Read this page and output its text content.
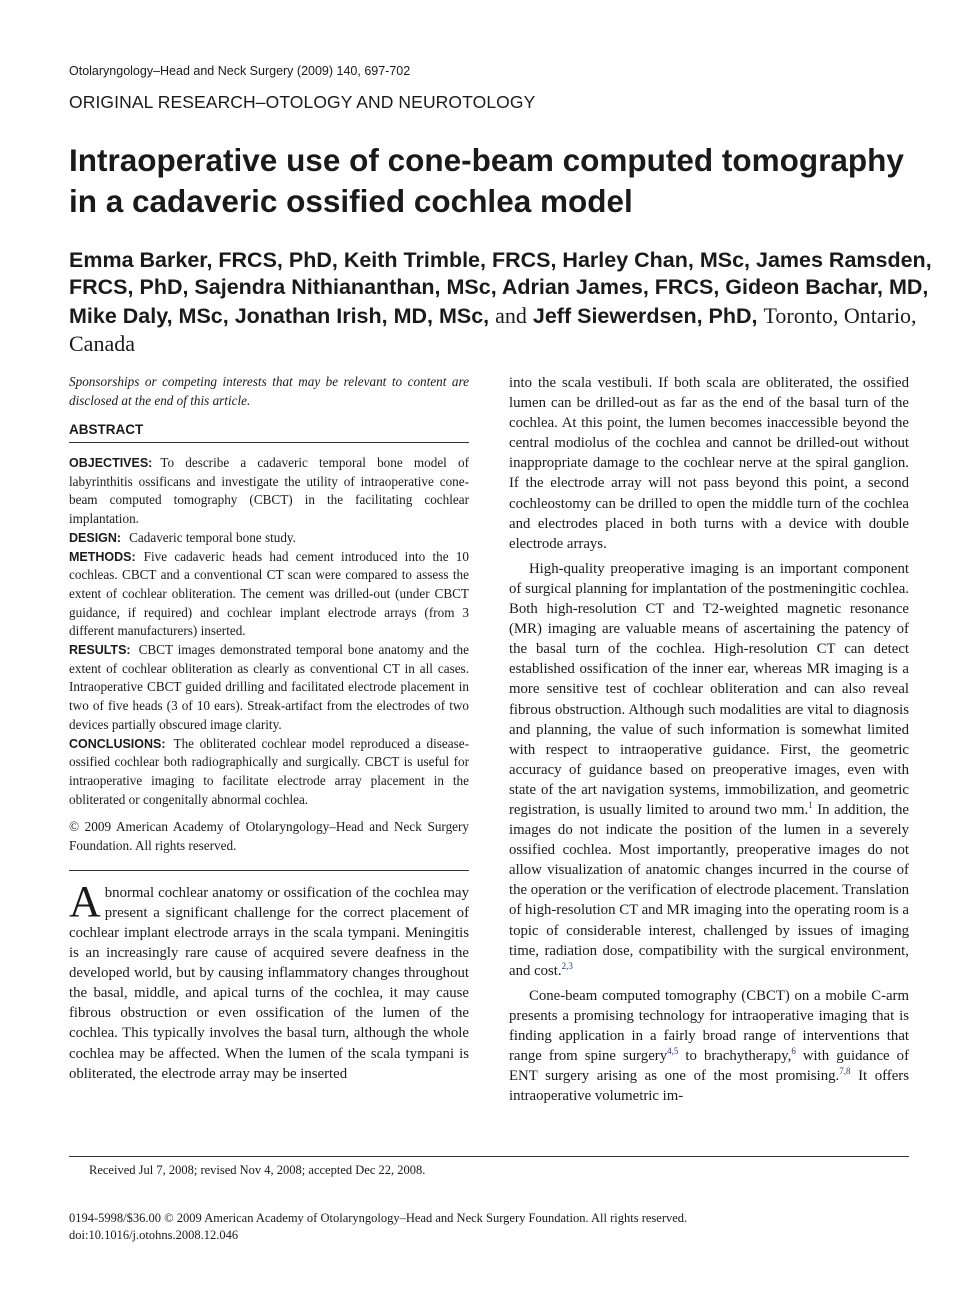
Otolaryngology–Head and Neck Surgery (2009) 140, 697-702
ORIGINAL RESEARCH–OTOLOGY AND NEUROTOLOGY
Intraoperative use of cone-beam computed tomography in a cadaveric ossified cochlea model
Emma Barker, FRCS, PhD, Keith Trimble, FRCS, Harley Chan, MSc, James Ramsden, FRCS, PhD, Sajendra Nithiananthan, MSc, Adrian James, FRCS, Gideon Bachar, MD, Mike Daly, MSc, Jonathan Irish, MD, MSc, and Jeff Siewerdsen, PhD, Toronto, Ontario, Canada

Sponsorships or competing interests that may be relevant to content are disclosed at the end of this article.

ABSTRACT

OBJECTIVES: To describe a cadaveric temporal bone model of labyrinthitis ossificans and investigate the utility of intraoperative cone-beam computed tomography (CBCT) in the facilitating cochlear implantation.

DESIGN: Cadaveric temporal bone study.

METHODS: Five cadaveric heads had cement introduced into the 10 cochleas. CBCT and a conventional CT scan were compared to assess the extent of cochlear obliteration. The cement was drilled-out (under CBCT guidance, if required) and cochlear implant electrode arrays (from 3 different manufacturers) inserted.

RESULTS: CBCT images demonstrated temporal bone anatomy and the extent of cochlear obliteration as clearly as conventional CT in all cases. Intraoperative CBCT guided drilling and facilitated electrode placement in two of five heads (3 of 10 ears). Streak-artifact from the electrodes of two devices partially obscured image clarity.

CONCLUSIONS: The obliterated cochlear model reproduced a disease-ossified cochlear both radiographically and surgically. CBCT is useful for intraoperative imaging to facilitate electrode array placement in the obliterated or congenitally abnormal cochlea.

© 2009 American Academy of Otolaryngology–Head and Neck Surgery Foundation. All rights reserved.

Abnormal cochlear anatomy or ossification of the cochlea may present a significant challenge for the correct placement of cochlear implant electrode arrays in the scala tympani. Meningitis is an increasingly rare cause of acquired severe deafness in the developed world, but by causing inflammatory changes throughout the basal, middle, and apical turns of the cochlea, it may cause fibrous obstruction or even ossification of the lumen of the cochlea. This typically involves the basal turn, although the whole cochlea may be affected. When the lumen of the scala tympani is obliterated, the electrode array may be inserted

into the scala vestibuli. If both scala are obliterated, the ossified lumen can be drilled-out as far as the end of the basal turn of the cochlea. At this point, the lumen becomes inaccessible beyond the central modiolus of the cochlea and cannot be drilled-out without inappropriate damage to the cochlear nerve at the spiral ganglion. If the electrode array will not pass beyond this point, a second cochleostomy can be drilled to open the middle turn of the cochlea and electrodes placed in both turns with a device with double electrode arrays.

High-quality preoperative imaging is an important component of surgical planning for implantation of the postmeningitic cochlea. Both high-resolution CT and T2-weighted magnetic resonance (MR) imaging are valuable means of ascertaining the patency of the basal turn of the cochlea. High-resolution CT can detect established ossification of the inner ear, whereas MR imaging is a more sensitive test of cochlear obliteration and can also reveal fibrous obstruction. Although such modalities are vital to diagnosis and planning, the value of such information is somewhat limited with respect to intraoperative guidance. First, the geometric accuracy of guidance based on preoperative images, even with state of the art navigation systems, immobilization, and geometric registration, is usually limited to around two mm.$^1$ In addition, the images do not indicate the position of the lumen in a severely ossified cochlea. Most importantly, preoperative images do not allow visualization of anatomic changes incurred in the course of the operation or the verification of electrode placement. Translation of high-resolution CT and MR imaging into the operating room is a topic of considerable interest, challenged by issues of imaging time, radiation dose, compatibility with the surgical environment, and cost.$^{2,3}$

Cone-beam computed tomography (CBCT) on a mobile C-arm presents a promising technology for intraoperative imaging that is finding application in a fairly broad range of interventions that range from spine surgery$^{4,5}$ to brachytherapy,$^6$ with guidance of ENT surgery arising as one of the most promising.$^{7,8}$ It offers intraoperative volumetric im-

Received Jul 7, 2008; revised Nov 4, 2008; accepted Dec 22, 2008.
0194-5998/$36.00 © 2009 American Academy of Otolaryngology–Head and Neck Surgery Foundation. All rights reserved.
doi:10.1016/j.otohns.2008.12.046
